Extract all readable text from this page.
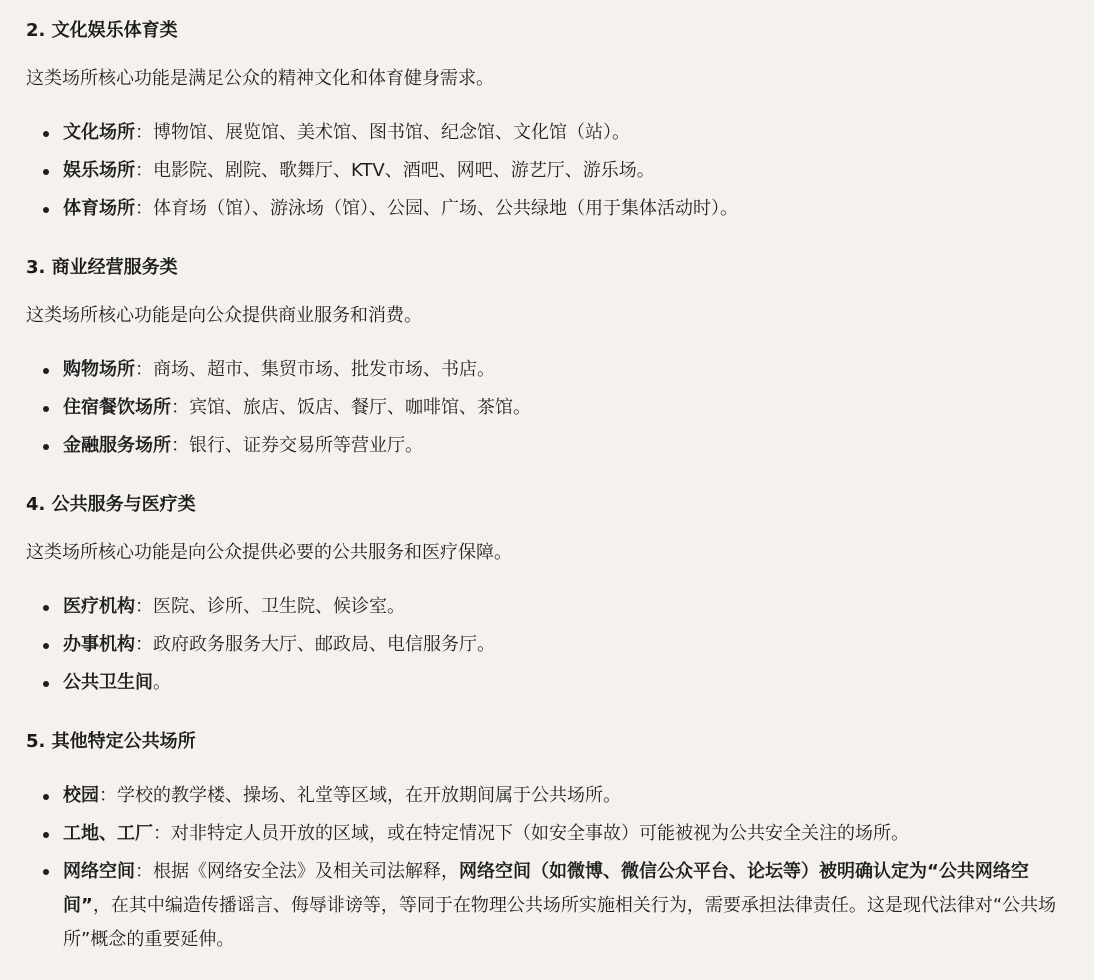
2. 文化娱乐体育类

这类场所核心功能是满足公众的精神文化和体育健身需求。

文化场所：博物馆、展览馆、美术馆、图书馆、纪念馆、文化馆（站）。
娱乐场所：电影院、剧院、歌舞厅、KTV、酒吧、网吧、游艺厅、游乐场。
体育场所：体育场（馆）、游泳场（馆）、公园、广场、公共绿地（用于集体活动时）。
3. 商业经营服务类

这类场所核心功能是向公众提供商业服务和消费。

购物场所：商场、超市、集贸市场、批发市场、书店。
住宿餐饮场所：宾馆、旅店、饭店、餐厅、咖啡馆、茶馆。
金融服务场所：银行、证券交易所等营业厅。
4. 公共服务与医疗类

这类场所核心功能是向公众提供必要的公共服务和医疗保障。

医疗机构：医院、诊所、卫生院、候诊室。
办事机构：政府政务服务大厅、邮政局、电信服务厅。
公共卫生间。
5. 其他特定公共场所
校园：学校的教学楼、操场、礼堂等区域，在开放期间属于公共场所。
工地、工厂：对非特定人员开放的区域，或在特定情况下（如安全事故）可能被视为公共安全关注的场所。
网络空间：根据《网络安全法》及相关司法解释，网络空间（如微博、微信公众平台、论坛等）被明确认定为“公共网络空间”，在其中编造传播谣言、侮辱诽谤等，等同于在物理公共场所实施相关行为，需要承担法律责任。这是现代法律对“公共场所”概念的重要延伸。
